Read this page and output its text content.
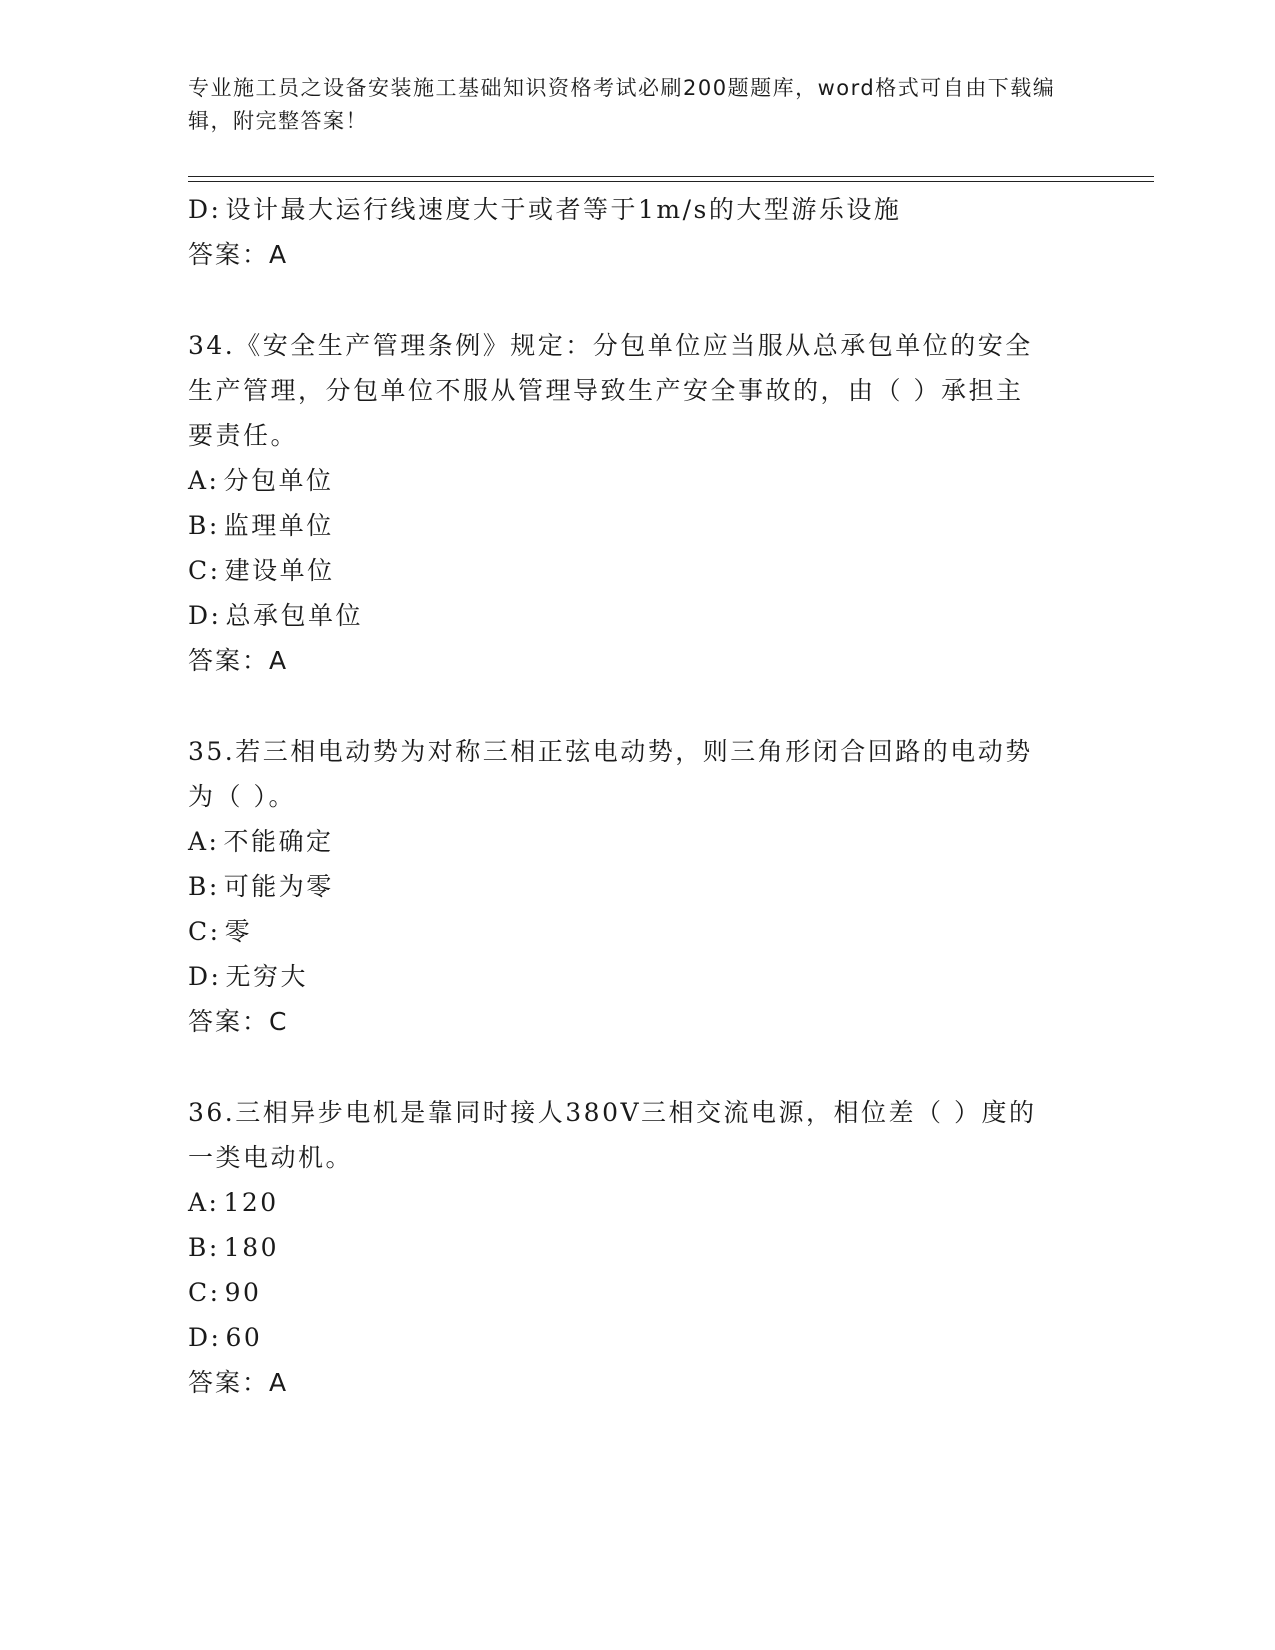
专业施工员之设备安装施工基础知识资格考试必刷200题题库，word格式可自由下载编辑，附完整答案！
D: 设计最大运行线速度大于或者等于1m/s的大型游乐设施
答案：A
34.《安全生产管理条例》规定：分包单位应当服从总承包单位的安全
生产管理，分包单位不服从管理导致生产安全事故的，由（ ）承担主
要责任。
A: 分包单位
B: 监理单位
C: 建设单位
D: 总承包单位
答案：A
35.若三相电动势为对称三相正弦电动势，则三角形闭合回路的电动势
为（ ）。
A: 不能确定
B: 可能为零
C: 零
D: 无穷大
答案：C
36.三相异步电机是靠同时接人380V三相交流电源，相位差（ ）度的
一类电动机。
A: 120
B: 180
C: 90
D: 60
答案：A
